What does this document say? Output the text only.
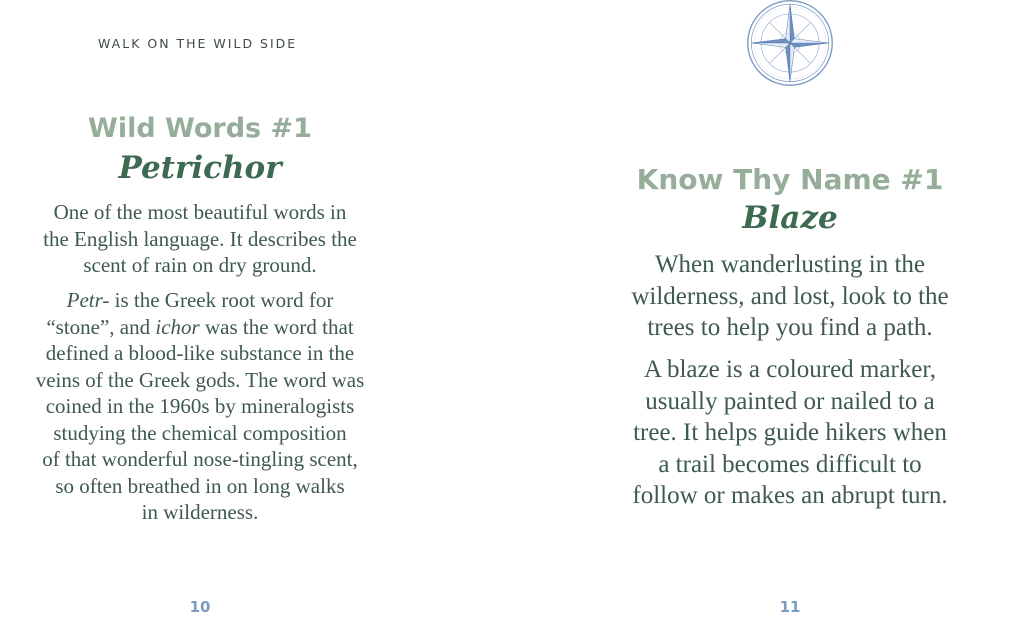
WALK ON THE WILD SIDE

Wild Words #1
Petrichor

One of the most beautiful words in
the English language. It describes the
scent of rain on dry ground.

Petr- is the Greek root word for
“stone”, and ichor was the word that
defined a blood-like substance in the
veins of the Greek gods. The word was
coined in the 1960s by mineralogists
studying the chemical composition
of that wonderful nose-tingling scent,
so often breathed in on long walks
in wilderness.

10

Know Thy Name #1
Blaze

When wanderlusting in the
wilderness, and lost, look to the
trees to help you find a path.

A blaze is a coloured marker,
usually painted or nailed to a
tree. It helps guide hikers when
a trail becomes difficult to
follow or makes an abrupt turn.

11
